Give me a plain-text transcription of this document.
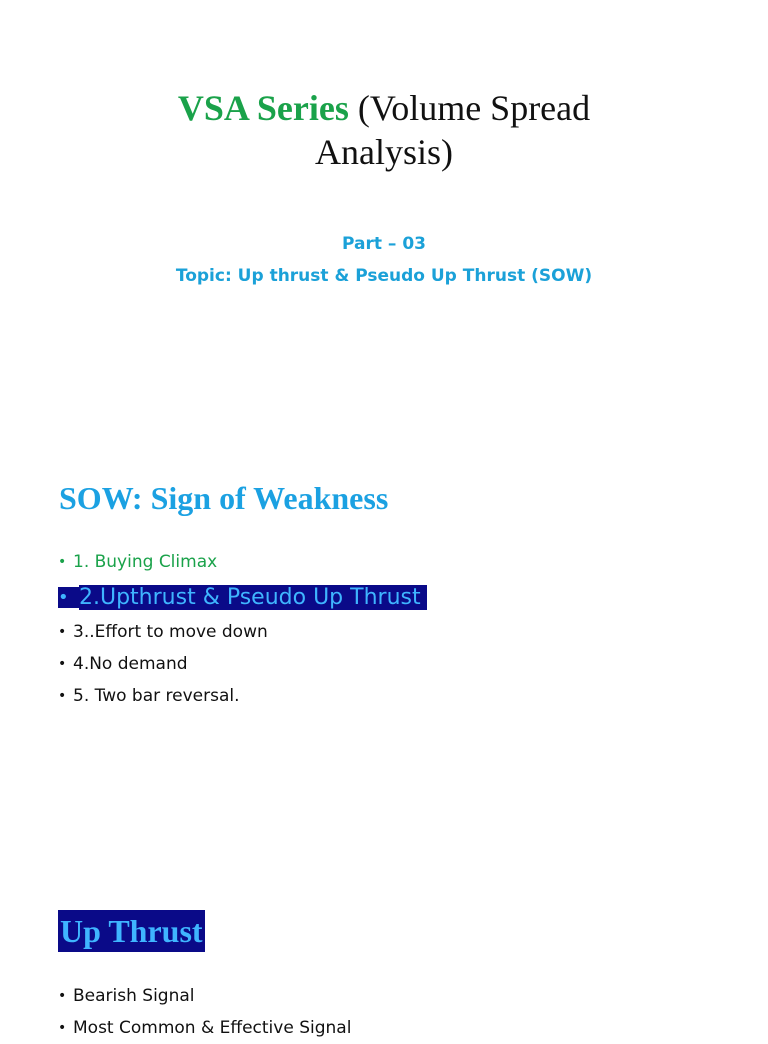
VSA Series (Volume Spread
Analysis)
Part – 03
Topic: Up thrust & Pseudo Up Thrust (SOW)
SOW: Sign of Weakness
• 1. Buying Climax
• 2.Upthrust & Pseudo Up Thrust
• 3..Effort to move down
• 4.No demand
• 5. Two bar reversal.
Up Thrust
• Bearish Signal
• Most Common & Effective Signal
